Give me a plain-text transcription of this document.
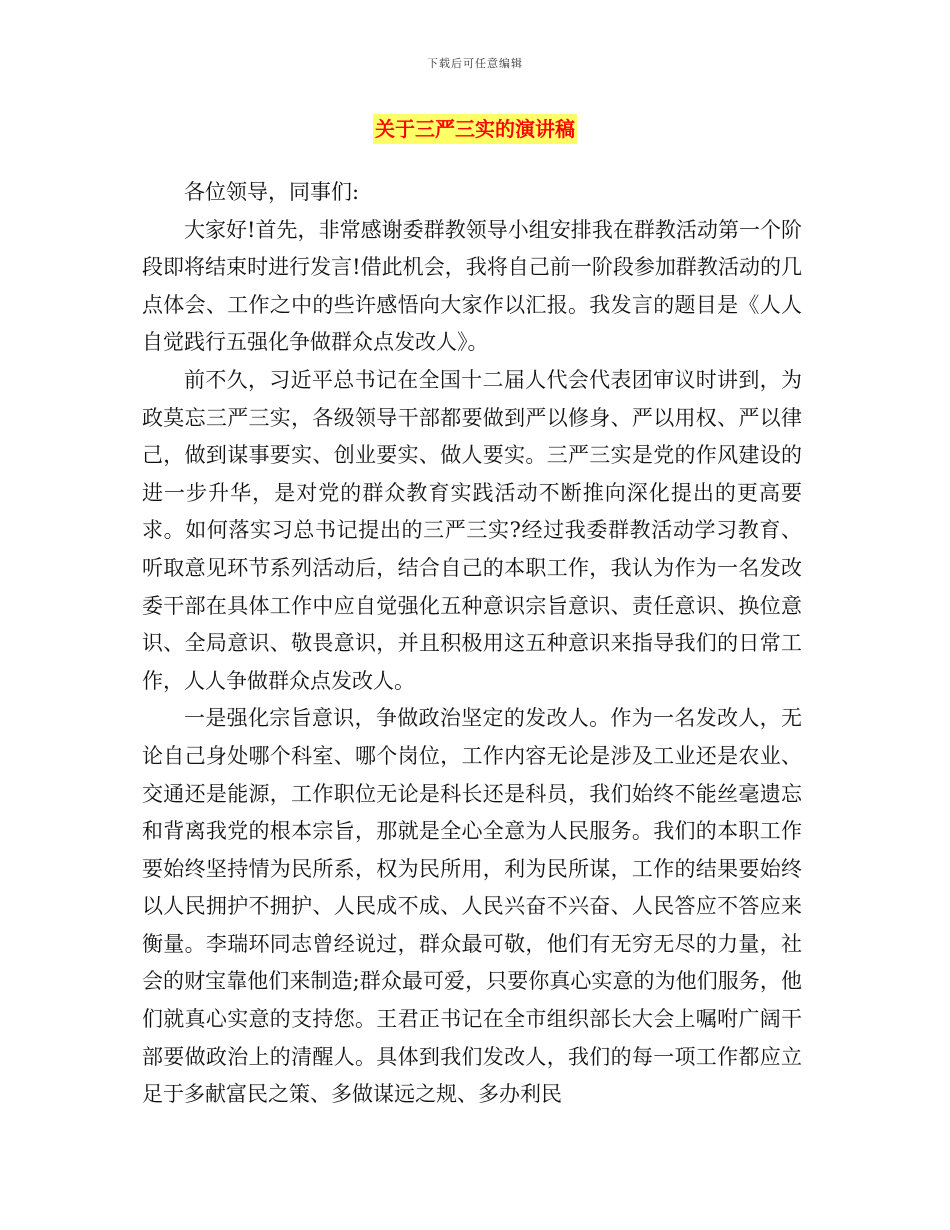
下载后可任意编辑
关于三严三实的演讲稿

各位领导，同事们:

大家好!首先，非常感谢委群教领导小组安排我在群教活动第一个阶段即将结束时进行发言!借此机会，我将自己前一阶段参加群教活动的几点体会、工作之中的些许感悟向大家作以汇报。我发言的题目是《人人自觉践行五强化争做群众点发改人》。

前不久，习近平总书记在全国十二届人代会代表团审议时讲到，为政莫忘三严三实，各级领导干部都要做到严以修身、严以用权、严以律己，做到谋事要实、创业要实、做人要实。三严三实是党的作风建设的进一步升华，是对党的群众教育实践活动不断推向深化提出的更高要求。如何落实习总书记提出的三严三实?经过我委群教活动学习教育、听取意见环节系列活动后，结合自己的本职工作，我认为作为一名发改委干部在具体工作中应自觉强化五种意识宗旨意识、责任意识、换位意识、全局意识、敬畏意识，并且积极用这五种意识来指导我们的日常工作，人人争做群众点发改人。

一是强化宗旨意识，争做政治坚定的发改人。作为一名发改人，无论自己身处哪个科室、哪个岗位，工作内容无论是涉及工业还是农业、交通还是能源，工作职位无论是科长还是科员，我们始终不能丝毫遗忘和背离我党的根本宗旨，那就是全心全意为人民服务。我们的本职工作要始终坚持情为民所系，权为民所用，利为民所谋，工作的结果要始终以人民拥护不拥护、人民成不成、人民兴奋不兴奋、人民答应不答应来衡量。李瑞环同志曾经说过，群众最可敬，他们有无穷无尽的力量，社会的财宝靠他们来制造;群众最可爱，只要你真心实意的为他们服务，他们就真心实意的支持您。王君正书记在全市组织部长大会上嘱咐广阔干部要做政治上的清醒人。具体到我们发改人，我们的每一项工作都应立足于多献富民之策、多做谋远之规、多办利民
